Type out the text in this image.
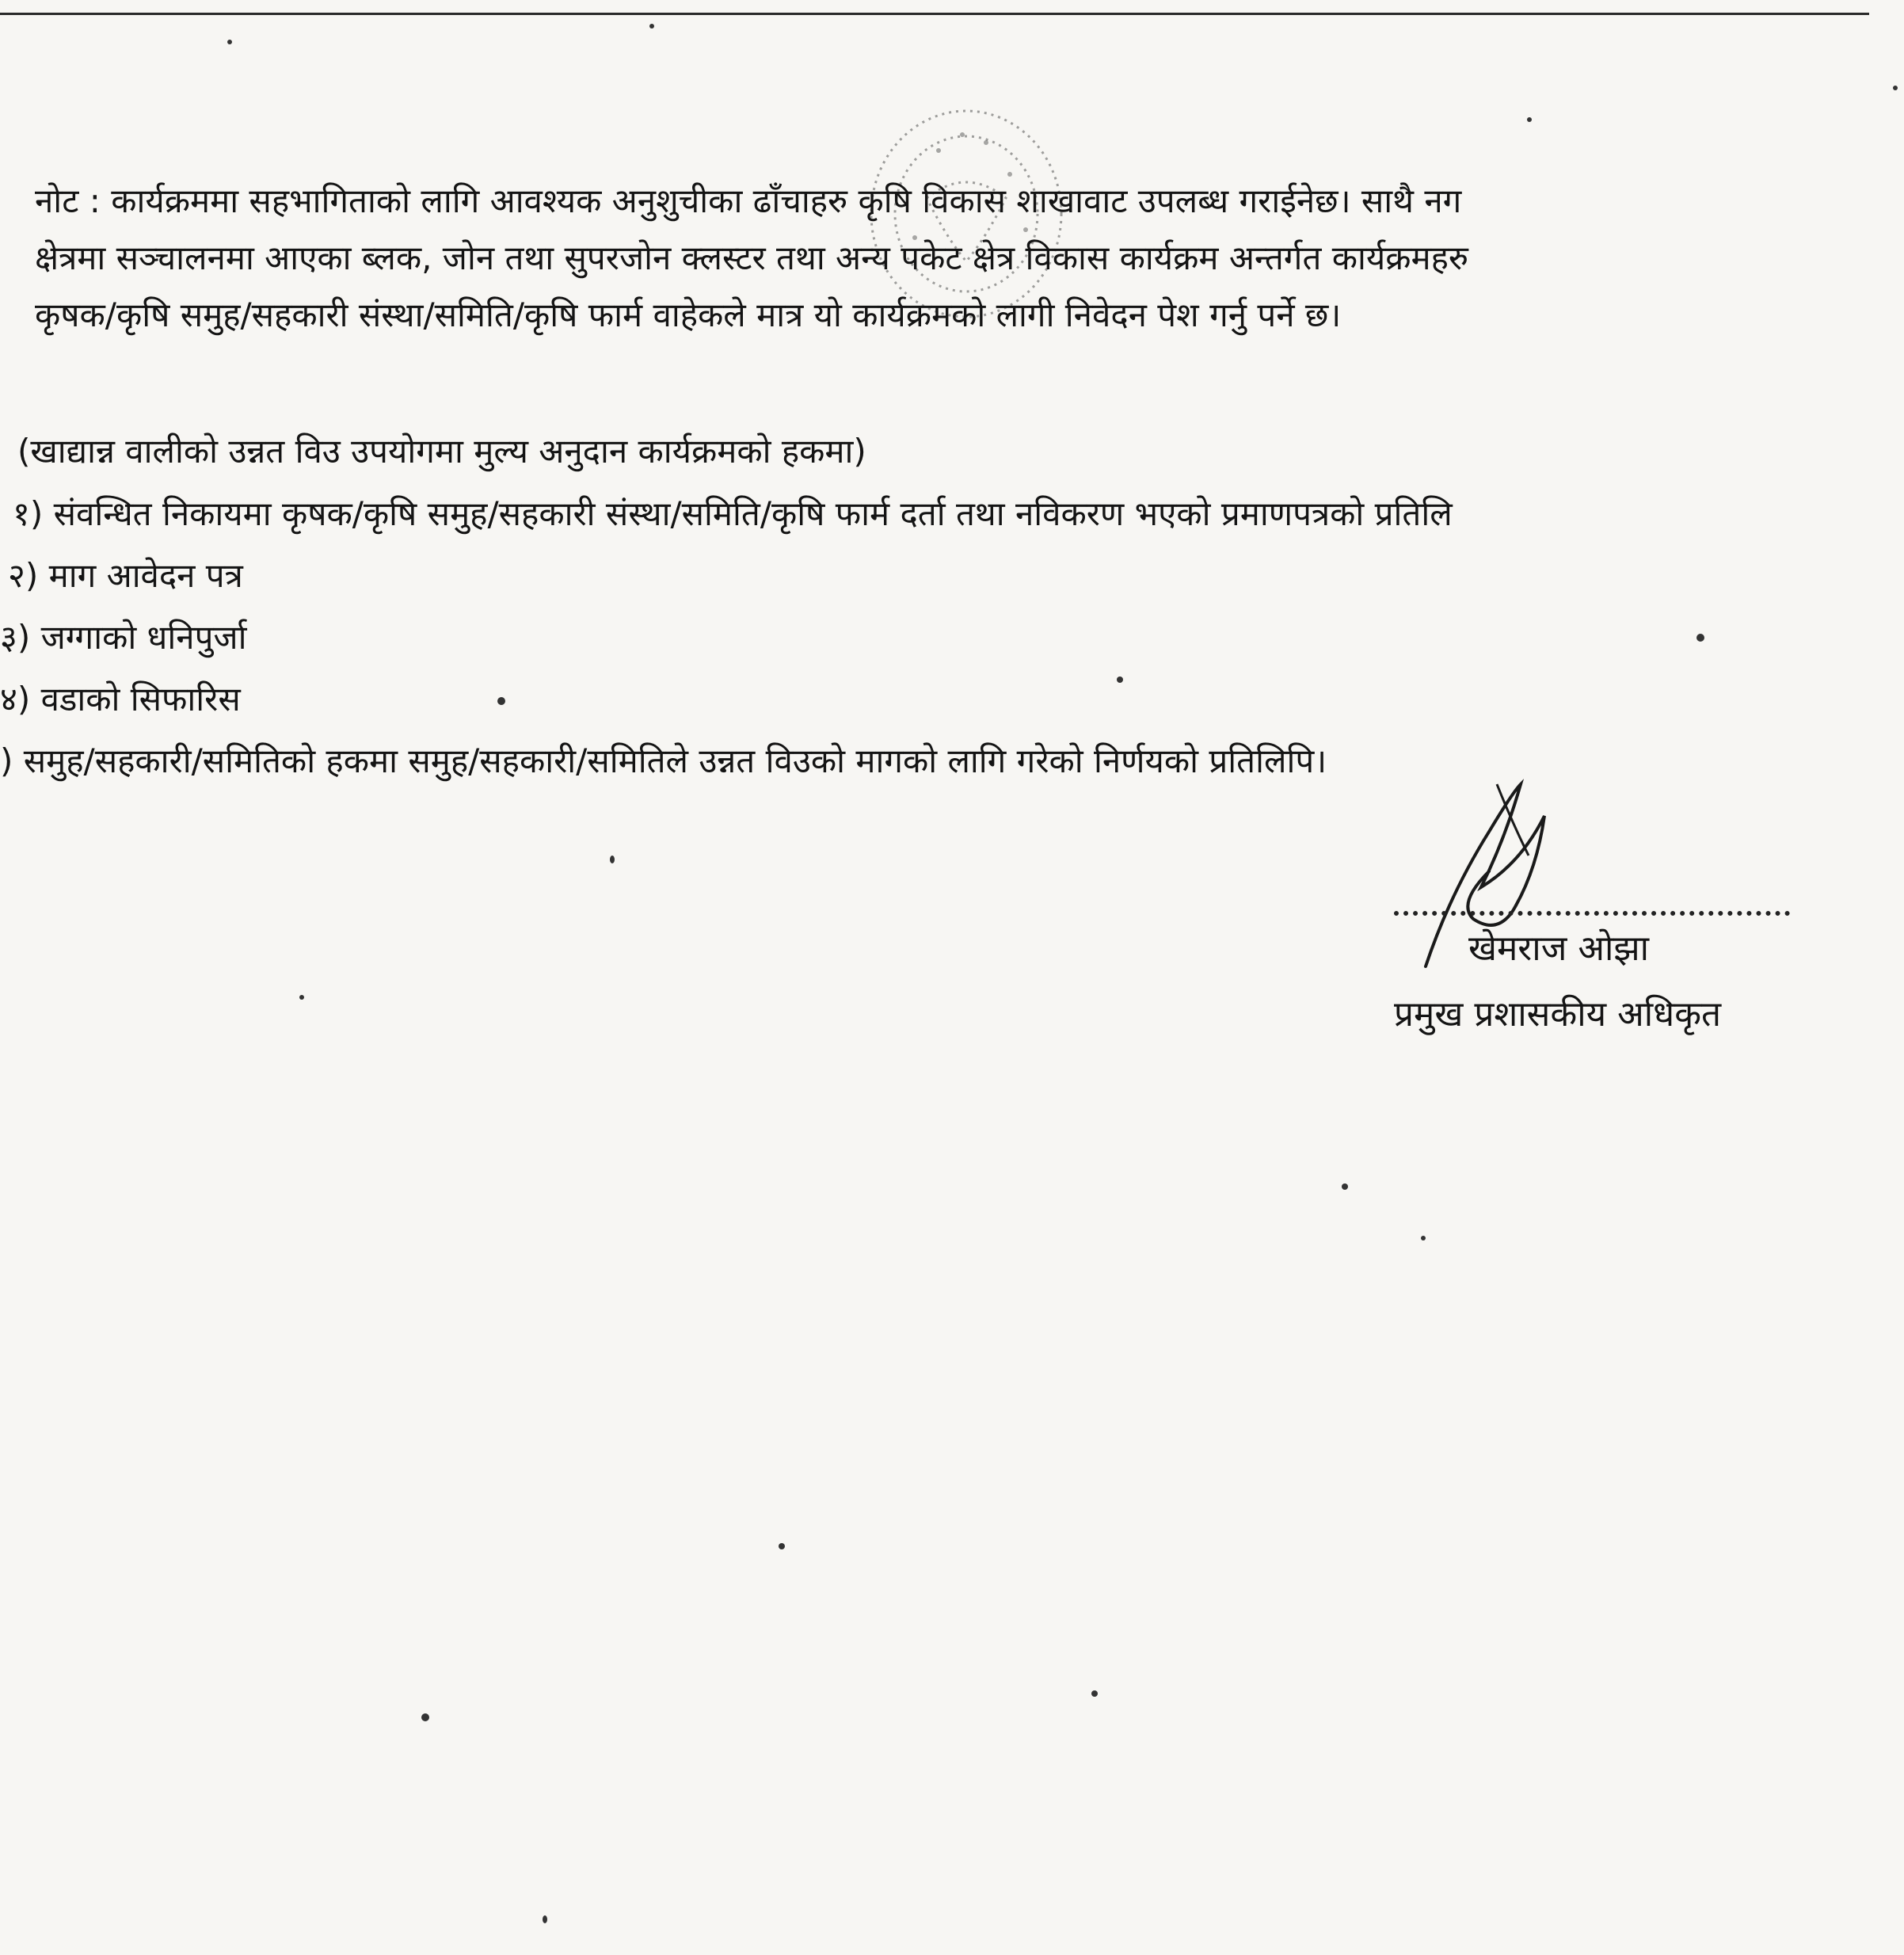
नोट : कार्यक्रममा सहभागिताको लागि आवश्यक अनुशुचीका ढाँचाहरु कृषि विकास शाखावाट उपलब्ध गराईनेछ। साथै नग
क्षेत्रमा सञ्चालनमा आएका ब्लक, जोन तथा सुपरजोन क्लस्टर तथा अन्य पकेट क्षेत्र विकास कार्यक्रम अन्तर्गत कार्यक्रमहरु
कृषक/कृषि समुह/सहकारी संस्था/समिति/कृषि फार्म वाहेकले मात्र यो कार्यक्रमको लागी निवेदन पेश गर्नु पर्ने छ।
(खाद्यान्न वालीको उन्नत विउ उपयोगमा मुल्य अनुदान कार्यक्रमको हकमा)
१) संवन्धित निकायमा कृषक/कृषि समुह/सहकारी संस्था/समिति/कृषि फार्म दर्ता तथा नविकरण भएको प्रमाणपत्रको प्रतिलि
२) माग आवेदन पत्र
३) जग्गाको धनिपुर्जा
४) वडाको सिफारिस
) समुह/सहकारी/समितिको हकमा समुह/सहकारी/समितिले उन्नत विउको मागको लागि गरेको निर्णयको प्रतिलिपि।
खेमराज ओझा
प्रमुख प्रशासकीय अधिकृत
